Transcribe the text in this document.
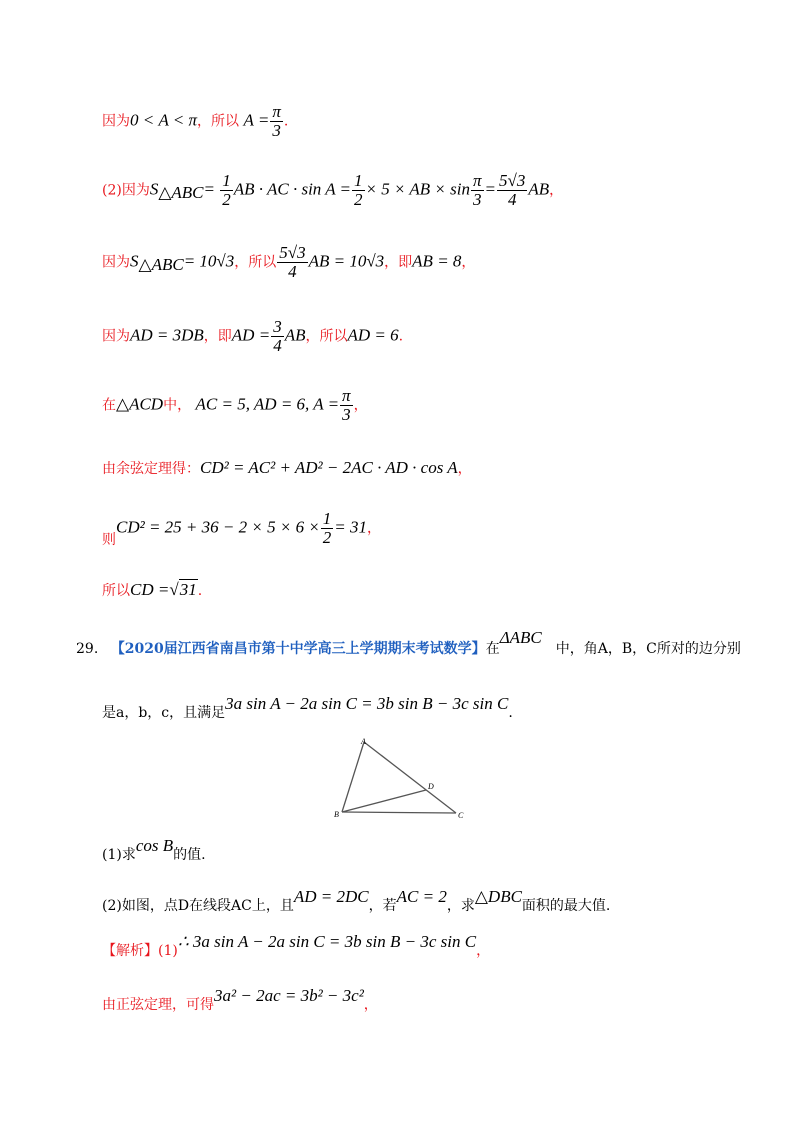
因为0 < A < π，所以 $A = \frac{\pi}{3}$ .
(2)因为$S_{\triangle ABC}= \frac{1}{2}$ AB · AC · $\sin A = \frac{1}{2} \times 5$ × AB × $\sin \frac{\pi}{3} = \frac{5√3}{4}$ AB，
因为$S_{\triangle ABC}= 10√3$，所以 $\frac{5√3}{4}$ AB = 10√3，即AB = 8，
因为AD = 3DB，即AD = $\frac{3}{4}$ AB，所以AD = 6.
在△ACD中， AC = 5, AD = 6, $A = \frac{\pi}{3}$ ，
由余弦定理得：CD² = AC² + AD² − 2AC · AD · cos A，
则$CD^2 = 25 + 36 - 2 \times 5 \times 6 \times \frac{1}{2} = 31$，
所以CD =√31.
29. 【2020届江西省南昌市第十中学高三上学期期末考试数学】在ΔABC中，角A，B，C所对的边分别
是a，b，c，且满足3a sin A − 2a sin C = 3b sin B − 3c sin C.
A
B	C
D
(1)求cos B的值.
(2)如图，点D在线段AC上，且AD = 2DC，若AC = 2，求△DBC面积的最大值.
【解析】(1)∴ 3a sin A − 2a sin C = 3b sin B − 3c sin C，
由正弦定理，可得3a² − 2ac = 3b² − 3c²，
